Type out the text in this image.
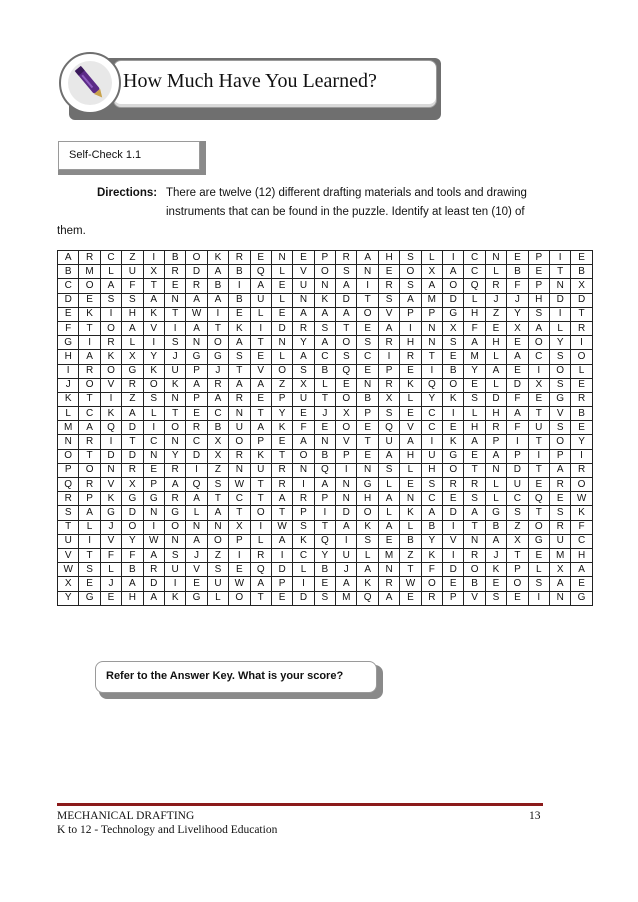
How Much Have You Learned?
Self-Check 1.1
Directions: There are twelve (12) different drafting materials and tools and drawing
instruments that can be found in the puzzle. Identify at least ten (10) of
them.
A	R	C	Z	I	B	O	K	R	E	N	E	P	R	A	H	S	L	I	C	N	E	P	I	E
B	M	L	U	X	R	D	A	B	Q	L	V	O	S	N	E	O	X	A	C	L	B	E	T	B
C	O	A	F	T	E	R	B	I	A	E	U	N	A	I	R	S	A	O	Q	R	F	P	N	X
D	E	S	S	A	N	A	A	B	U	L	N	K	D	T	S	A	M	D	L	J	J	H	D	D
E	K	I	H	K	T	W	I	E	L	E	A	A	A	O	V	P	P	G	H	Z	Y	S	I	T
F	T	O	A	V	I	A	T	K	I	D	R	S	T	E	A	I	N	X	F	E	X	A	L	R
G	I	R	L	I	S	N	O	A	T	N	Y	A	O	S	R	H	N	S	A	H	E	O	Y	I
H	A	K	X	Y	J	G	G	S	E	L	A	C	S	C	I	R	T	E	M	L	A	C	S	O
I	R	O	G	K	U	P	J	T	V	O	S	B	Q	E	P	E	I	B	Y	A	E	I	O	L
J	O	V	R	O	K	A	R	A	A	Z	X	L	E	N	R	K	Q	O	E	L	D	X	S	E
K	T	I	Z	S	N	P	A	R	E	P	U	T	O	B	X	L	Y	K	S	D	F	E	G	R
L	C	K	A	L	T	E	C	N	T	Y	E	J	X	P	S	E	C	I	L	H	A	T	V	B
M	A	Q	D	I	O	R	B	U	A	K	F	E	O	E	Q	V	C	E	H	R	F	U	S	E
N	R	I	T	C	N	C	X	O	P	E	A	N	V	T	U	A	I	K	A	P	I	T	O	Y
O	T	D	D	N	Y	D	X	R	K	T	O	B	P	E	A	H	U	G	E	A	P	I	P	I
P	O	N	R	E	R	I	Z	N	U	R	N	Q	I	N	S	L	H	O	T	N	D	T	A	R
Q	R	V	X	P	A	Q	S	W	T	R	I	A	N	G	L	E	S	R	R	L	U	E	R	O
R	P	K	G	G	R	A	T	C	T	A	R	P	N	H	A	N	C	E	S	L	C	Q	E	W
S	A	G	D	N	G	L	A	T	O	T	P	I	D	O	L	K	A	D	A	G	S	T	S	K
T	L	J	O	I	O	N	N	X	I	W	S	T	A	K	A	L	B	I	T	B	Z	O	R	F
U	I	V	Y	W	N	A	O	P	L	A	K	Q	I	S	E	B	Y	V	N	A	X	G	U	C
V	T	F	F	A	S	J	Z	I	R	I	C	Y	U	L	M	Z	K	I	R	J	T	E	M	H
W	S	L	B	R	U	V	S	E	Q	D	L	B	J	A	N	T	F	D	O	K	P	L	X	A
X	E	J	A	D	I	E	U	W	A	P	I	E	A	K	R	W	O	E	B	E	O	S	A	E
Y	G	E	H	A	K	G	L	O	T	E	D	S	M	Q	A	E	R	P	V	S	E	I	N	G
Refer to the Answer Key. What is your score?
MECHANICAL DRAFTING	13
K to 12 - Technology and Livelihood Education
